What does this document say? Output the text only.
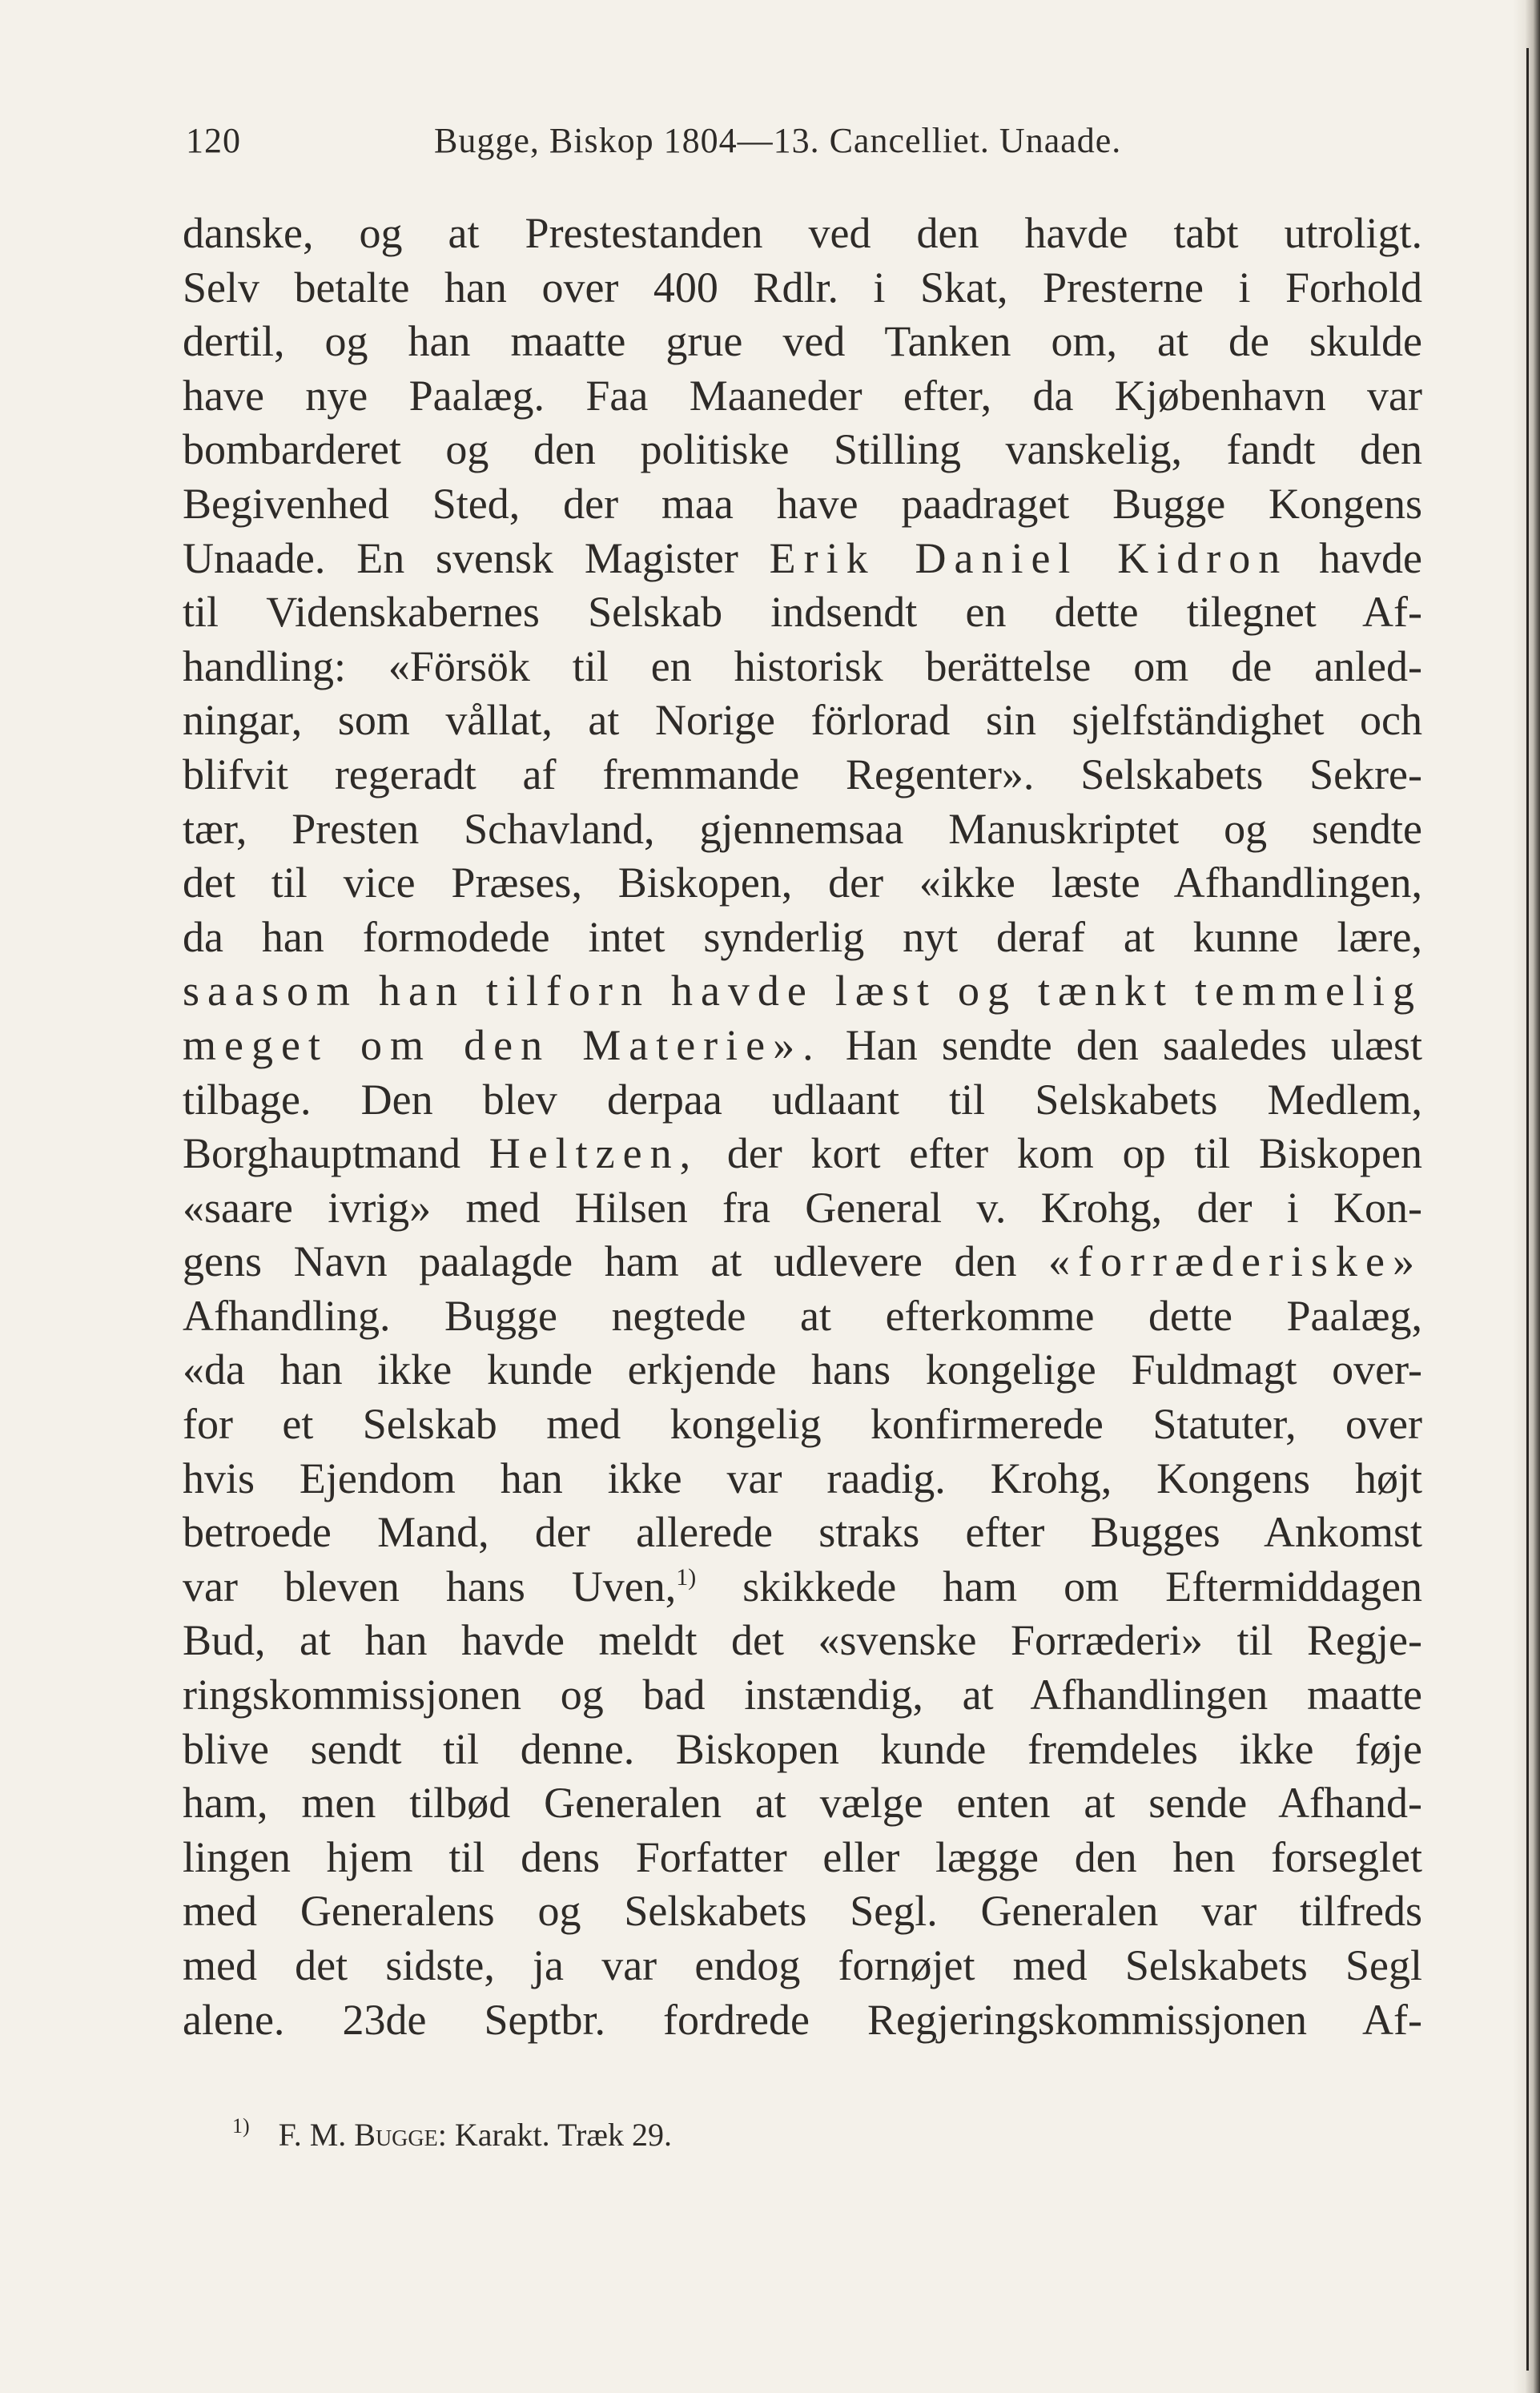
120	Bugge, Biskop 1804—13. Cancelliet. Unaade.
danske, og at Prestestanden ved den havde tabt utroligt.
Selv betalte han over 400 Rdlr. i Skat, Presterne i Forhold
dertil, og han maatte grue ved Tanken om, at de skulde
have nye Paalæg. Faa Maaneder efter, da Kjøbenhavn var
bombarderet og den politiske Stilling vanskelig, fandt den
Begivenhed Sted, der maa have paadraget Bugge Kongens
Unaade. En svensk Magister Erik Daniel Kidron havde
til Videnskabernes Selskab indsendt en dette tilegnet Af-
handling: «Försök til en historisk berättelse om de anled-
ningar, som vållat, at Norige förlorad sin sjelfständighet och
blifvit regeradt af fremmande Regenter». Selskabets Sekre-
tær, Presten Schavland, gjennemsaa Manuskriptet og sendte
det til vice Præses, Biskopen, der «ikke læste Afhandlingen,
da han formodede intet synderlig nyt deraf at kunne lære,
saasom han tilforn havde læst og tænkt temmelig
meget om den Materie». Han sendte den saaledes ulæst
tilbage. Den blev derpaa udlaant til Selskabets Medlem,
Borghauptmand Heltzen, der kort efter kom op til Biskopen
«saare ivrig» med Hilsen fra General v. Krohg, der i Kon-
gens Navn paalagde ham at udlevere den «forræderiske»
Afhandling. Bugge negtede at efterkomme dette Paalæg,
«da han ikke kunde erkjende hans kongelige Fuldmagt over-
for et Selskab med kongelig konfirmerede Statuter, over
hvis Ejendom han ikke var raadig. Krohg, Kongens højt
betroede Mand, der allerede straks efter Bugges Ankomst
var bleven hans Uven,$^{1)}$ skikkede ham om Eftermiddagen
Bud, at han havde meldt det «svenske Forræderi» til Regje-
ringskommissjonen og bad instændig, at Afhandlingen maatte
blive sendt til denne. Biskopen kunde fremdeles ikke føje
ham, men tilbød Generalen at vælge enten at sende Afhand-
lingen hjem til dens Forfatter eller lægge den hen forseglet
med Generalens og Selskabets Segl. Generalen var tilfreds
med det sidste, ja var endog fornøjet med Selskabets Segl
alene. 23de Septbr. fordrede Regjeringskommissjonen Af-
$^{1)}$ F. M. Bugge: Karakt. Træk 29.
